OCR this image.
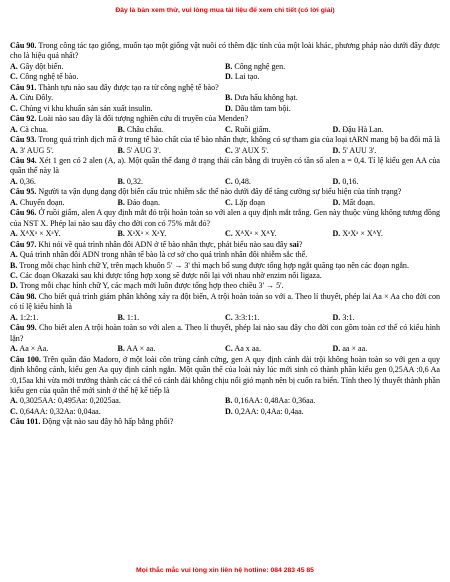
Đây là bản xem thử, vui lòng mua tài liệu để xem chi tiết (có lời giải)

Câu 90. Trong công tác tạo giống, muốn tạo một giống vật nuôi có thêm đặc tính của một loài khác, phương pháp nào dưới đây được cho là hiệu quả nhất?

A. Gây đột biến.	B. Công nghệ gen.
C. Công nghệ tế bào.	D. Lai tạo.

Câu 91. Thành tựu nào sau đây được tạo ra từ công nghệ tế bào?

A. Cừu Đôly.	B. Dưa hấu không hạt.
C. Chủng vi khu khuẩn sản sản xuất insulin.	D. Dâu tằm tam bội.

Câu 92. Loài nào sau đây là đối tượng nghiên cứu di truyền của Menden?

A. Cà chua.	B. Châu chấu.	C. Ruồi giấm.	D. Đậu Hà Lan.

Câu 93. Trong quá trình dịch mã ở trong tế bào chất của tế bào nhân thực, không có sự tham gia của loại tARN mang bộ ba đối mã là

A. 3' AUG 5'.	B. 5' AUG 3'.	C. 3' AUX 5'.	D. 5' AUU 3'.

Câu 94. Xét 1 gen có 2 alen (A, a). Một quần thể đang ở trạng thái cân bằng di truyền có tần số alen a = 0,4. Tỉ lệ kiểu gen AA của quần thể này là

A. 0,36.	B. 0,32.	C. 0,48.	D. 0,16.

Câu 95. Người ta vận dụng dạng đột biến cấu trúc nhiễm sắc thể nào dưới đây để tăng cường sự biểu hiện của tính trạng?

A. Chuyển đoạn.	B. Đảo đoạn.	C. Lặp đoạn	D. Mất đoạn.

Câu 96. Ở ruồi giấm, alen A quy định mắt đỏ trội hoàn toàn so với alen a quy định mắt trắng. Gen này thuộc vùng không tương đồng của NST X. Phép lai nào sau đây cho đời con có 75% mắt đỏ?

A. XᴬXᵃ × XᵃY.	B. XᵃXᵃ × XᵃY.	C. XᴬXᵃ × XᴬY.	D. XᵃXᵃ × XᴬY.

Câu 97. Khi nói về quá trình nhân đôi ADN ở tế bào nhân thực, phát biểu nào sau đây sai?

A. Quá trình nhân đôi ADN trong nhân tế bào là cơ sở cho quá trình nhân đôi nhiễm sắc thể.

B. Trong mỗi chạc hình chữ Y, trên mạch khuôn 5' → 3' thì mạch bổ sung được tổng hợp ngắt quãng tạo nên các đoạn ngắn.

C. Các đoạn Okazaki sau khi được tổng hợp xong sẽ được nối lại với nhau nhờ enzim nối ligaza.

D. Trong mỗi chạc hình chữ Y, các mạch mới luôn được tổng hợp theo chiều 3' → 5'.

Câu 98. Cho biết quá trình giảm phân không xảy ra đột biến, A trội hoàn toàn so với a. Theo lí thuyết, phép lai Aa × Aa cho đời con có tỉ lệ kiểu hình là

A. 1:2:1.	B. 1:1.	C. 3:3:1:1.	D. 3:1.

Câu 99. Cho biết alen A trội hoàn toàn so với alen a. Theo lí thuyết, phép lai nào sau đây cho đời con gồm toàn cơ thể có kiểu hình lặn?

A. Aa × Aa.	B. AA × aa.	C. Aa x aa.	D. aa × aa.

Câu 100. Trên quần đảo Madoro, ở một loài côn trùng cánh cứng, gen A quy định cánh dài trội không hoàn toàn so với gen a quy định không cánh, kiểu gen Aa quy định cánh ngắn. Một quần thể của loài này lúc mới sinh có thành phần kiểu gen 0,25AA :0,6 Aa :0,15aa khi vừa mới trưởng thành các cá thể có cánh dài không chịu nổi gió mạnh nên bị cuốn ra biển. Tính theo lý thuyết thành phần kiểu gen của quần thể mới sinh ở thế hệ kế tiếp là

A. 0,3025AA: 0,495Aa: 0,2025aa.	B. 0,16AA: 0,48Aa: 0,36aa.
C. 0,64AA: 0,32Aa: 0,04aa.	D. 0,2AA: 0,4Aa: 0,4aa.

Câu 101. Động vật nào sau đây hô hấp bằng phổi?

Mọi thắc mắc vui lòng xin liên hệ hotline: 084 283 45 85
